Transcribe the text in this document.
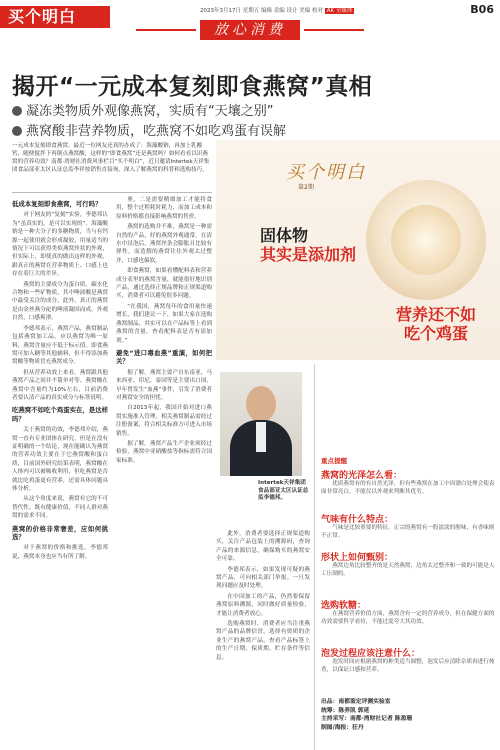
买个明白	2023年3月17日 星期五 编辑 责编 设计 美编 校对 AK 全媒体	B06
放心消费
揭开“一元成本复刻即食燕窝”真相
凝冻类物质外观像燕窝，实质有“天壤之别”
燕窝酸非营养物质，吃燕窝不如吃鸡蛋有误解
一元成本复刻即食燕窝，最近一位网友还真的办成了：海藻酸钠，再加上乳酸钙，随便搅拌下再倒点燕窝酸，这样的“即食燕窝”还是燕窝吗？如何看看以识燕窝的营养功效？南都·湾财社消费风事栏目“买个明白”，近日邀请Intertek天祥集团食品部亚太区认证总监李祥按销售直接询，深入了解燕窝的科普和选购技巧。	买个明白
第2期
固体物
其实是添加剂
营养还不如
吃个鸡蛋
低成本复刻即食燕窝，可行吗？

对于网友的“复刻”实验，李德邦认为“虽真实的，是可以实现的”。海藻酸钠是一种大分子的多糖物质，当与有钙源一起使用就会形成凝胶，用量适当的情况下可以获得类似燕窝丝状的外观，但实际上，即使真的做出这样的外观，跟真正的燕窝在营养物质上、口感上也存在着巨大的差异。

燕窝的主要成分为蛋白质、碳水化合物和一些矿物质，其中唾液酸是燕窝中最受关注的成分。此外，真正的燕窝是由金丝燕分泌的唾液凝固而成，外观自然，口感爽滑。

李德邦表示，燕窝产品，燕窝制品包括燕窝加工品，应以燕窝为唯一原料，燕窝含量应不低于标示值。即食燕窝可加入糖等其他辅料，但不得添加燕窝酸等物质冒充燕窝成分。

但从营养功效上来看，燕窝跟其他燕窝产品之间并不简单对等。燕窝酸在燕窝中含量约为10%左右，目前消费者要认清产品的真实成分与标签说明。

吃燕窝不如吃个鸡蛋实在，是这样吗？

关于燕窝的功效，李德邦介绍，燕窝一直有专业团体在研究，但是在没有证明确的一个结论，现在能确认为燕窝的营养功效主要在于它燕窝酸和蛋白质，目前国外研究结果表明，燕窝酸在人体内可以被吸收利用，但吃燕窝是否就比吃鸡蛋更有营养，还需具体问题具体分析。

从这个角度来说，燕窝有它的不可替代性，既有健康价值，不同人群对燕窝的需求不同。

燕窝的价格非常奢差，应如何挑选？

对于燕窝的价格和挑选，李德邦说，燕窝本身也应当有所了解。

奥，二是需要精细加工才能将食用，整个过程耗时耗力，而加工成本和原料价格都直接影响燕窝的售价。

燕窝的选购并不难，燕窝是一种需自然的产品，好的燕窝外观通常。在清水中浸泡后，燕窝丝条会膨胀且比较有弹性，而造假的燕窝往往外观太过整齐，口感也偏软。

即食燕窝，如果看懂配料表和营养成分表里的燕窝含量，就能很好地识别产品，通过选择正规品牌和正规渠道购买，消费者可以避免很多问题。

“在我国，燕窝每年的食用量快速增长，我们建议一下，如果大家在选购燕窝制品，其实可以在产品标签上看到燕窝的含量，查看配料表是否有添加剂。”

避免“进口毒血燕”重演，如何把关？

据了解，燕窝主要产自东南亚，马来西亚、印尼、泰国等是主要出口国，早年曾发生“血燕”事件，引发了消费者对燕窝安全的担忧。

自2013年起，我国开始对进口燕窝实施准入管理，相关燕窝制品需经过注册备案，符合相关标准方可进入市场销售。

据了解，燕窝产品生产企业须经过检验，燕窝中亚硝酸盐等指标需符合国家标准。

Intertek天祥集团食品部亚太区认证总监李德邦。

此外，消费者要选择正规渠道购买，关注产品包装上的溯源码，查询产品的来源信息，确保购买的燕窝安全可靠。

李德邦表示，如果发现可疑的燕窝产品，可向相关部门举报。一旦发现问题应及时处理。

在中国加工的产品，仍然要保留燕窝原料溯源，同时做好质量检验，才能让消费者放心。

选购燕窝时，消费者应当注重燕窝产品的品牌信誉，选择有资质的企业生产的燕窝产品，查看产品标签上的生产日期、保质期、贮存条件等信息。

重点提醒
燕窝的光泽怎么看：
优质燕窝有的有自然光泽，但有些燕窝在加工中因漂白处理会使表面非常亮白，不能仅以外观来判断其优劣。
气味有什么特点：
气味是比较重要的特征，正宗的燕窝有一股淡淡的腥味，有香味则不正常。
形状上如何甄别：
燕窝边角比较整齐的是天然燕窝，边角太过整齐和一致的可能是人工压制的。
选购软糖：
在燕窝营养价值方面，燕窝含有一定的营养成分，但在保健方面的功效需要科学看待，不能过度夸大其功效。
泡发过程应该注意什么：
泡发时间应根据燕窝的种类适当调整，泡发后应清除杂质再进行炖煮，以保证口感和营养。
出品：南都鉴定评测实验室
统筹：陈养凯 郭延
主持采写：南都·湾财社记者 陈盈珊
制图/海报：狂丹
